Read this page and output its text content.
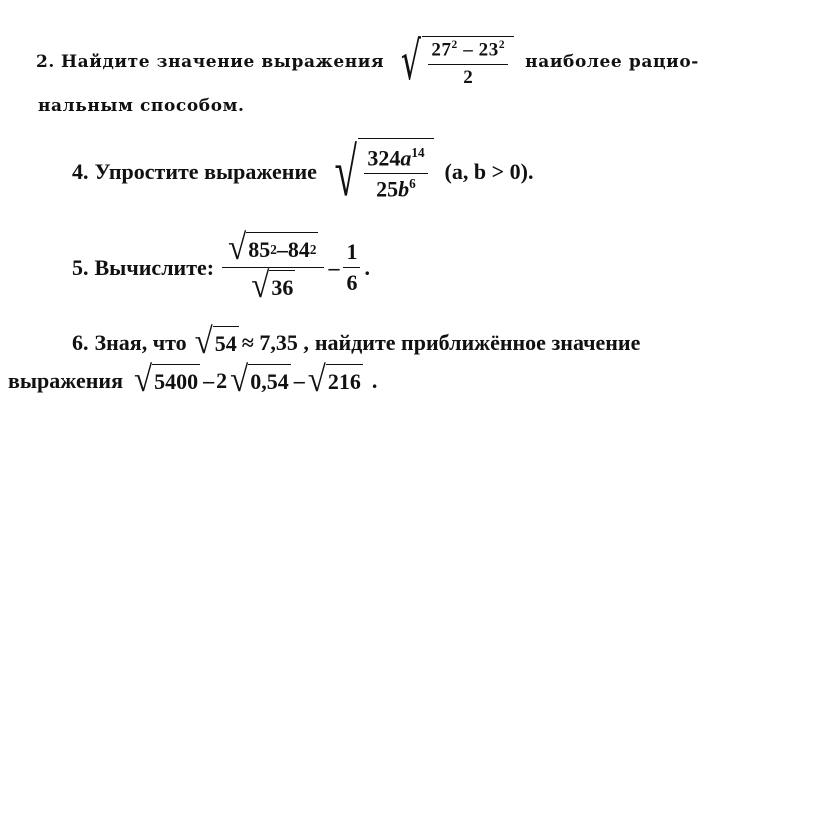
2. Найдите значение выражения √ $\frac{27^2 - 23^2}{2}$ наиболее рацио-
нальным способом.
4. Упростите выражение √ $\frac{324a^{14}}{25b^6} (a$, b > 0).
5. Вычислите: $\frac{√ 85 2 - 84 2}{√ 36} - \frac{1}{6}$ .
6. Зная, что √ 54 ≈ 7,35 , найдите приближённое значение
выражения √ 5400 – 2 √ 0,54 – √ 216 .
